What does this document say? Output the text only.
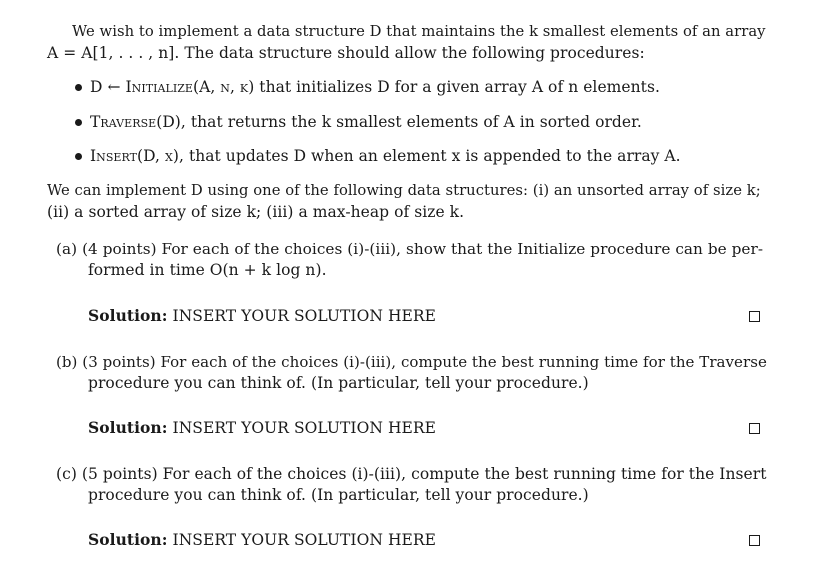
We wish to implement a data structure D that maintains the k smallest elements of an array
A = A[1, . . . , n]. The data structure should allow the following procedures:
D ← Initialize(A, n, k) that initializes D for a given array A of n elements.
Traverse(D), that returns the k smallest elements of A in sorted order.
Insert(D, x), that updates D when an element x is appended to the array A.
We can implement D using one of the following data structures: (i) an unsorted array of size k;
(ii) a sorted array of size k; (iii) a max-heap of size k.
(a) (4 points) For each of the choices (i)-(iii), show that the Initialize procedure can be per-
formed in time O(n + k log n).
Solution: INSERT YOUR SOLUTION HERE
(b) (3 points) For each of the choices (i)-(iii), compute the best running time for the Traverse
procedure you can think of. (In particular, tell your procedure.)
Solution: INSERT YOUR SOLUTION HERE
(c) (5 points) For each of the choices (i)-(iii), compute the best running time for the Insert
procedure you can think of. (In particular, tell your procedure.)
Solution: INSERT YOUR SOLUTION HERE
